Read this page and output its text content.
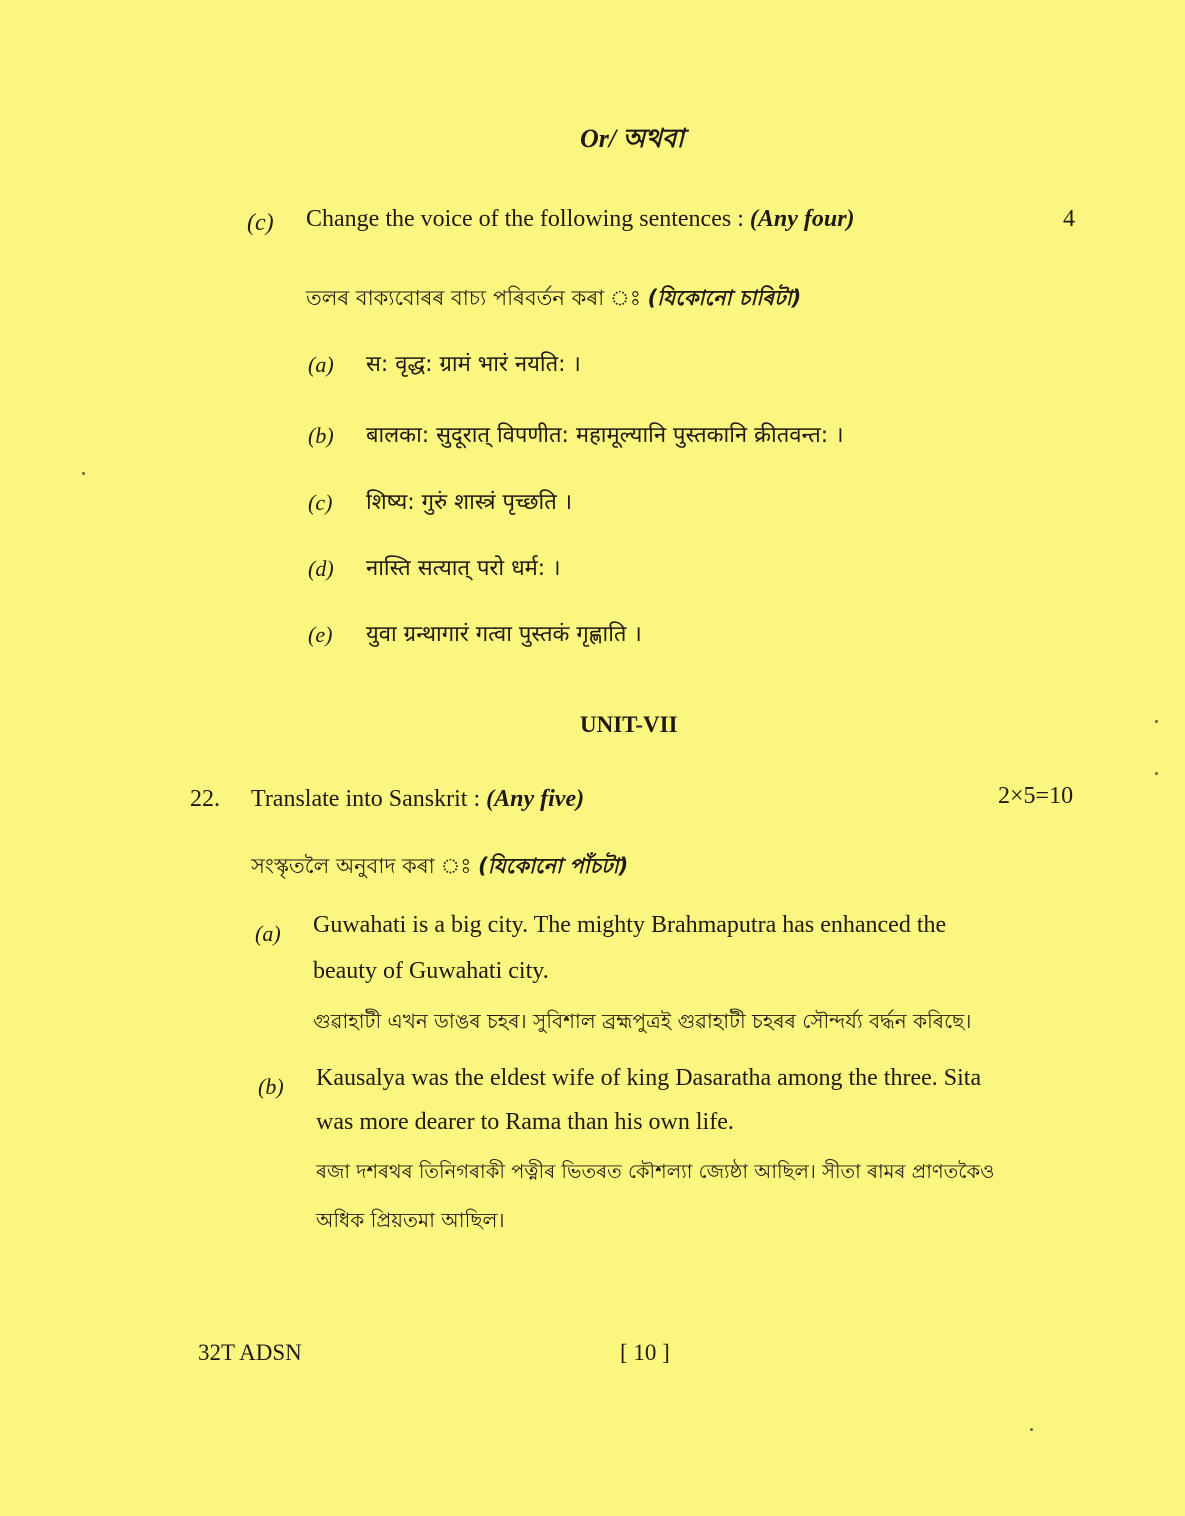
Or/ অথবা
(c) Change the voice of the following sentences : (Any four)	4
তলৰ বাক্যবোৰৰ বাচ্য পৰিবৰ্তন কৰা ঃ (যিকোনো চাৰিটা)
(a) स: वृद्ध: ग्रामं भारं नयति: ।
(b) बालका: सुदूरात् विपणीत: महामूल्यानि पुस्तकानि क्रीतवन्त: ।
(c) शिष्य: गुरुं शास्त्रं पृच्छति ।
(d) नास्ति सत्यात् परो धर्म: ।
(e) युवा ग्रन्थागारं गत्वा पुस्तकं गृह्णाति ।
UNIT-VII
22. Translate into Sanskrit : (Any five)	2×5=10
সংস্কৃতলৈ অনুবাদ কৰা ঃ (যিকোনো পাঁচটা)
(a) Guwahati is a big city. The mighty Brahmaputra has enhanced the
beauty of Guwahati city.
গুৱাহাটী এখন ডাঙৰ চহৰ। সুবিশাল ব্ৰহ্মপুত্ৰই গুৱাহাটী চহৰৰ সৌন্দৰ্য্য বৰ্দ্ধন কৰিছে।
(b) Kausalya was the eldest wife of king Dasaratha among the three. Sita
was more dearer to Rama than his own life.
ৰজা দশৰথৰ তিনিগৰাকী পত্নীৰ ভিতৰত কৌশল্যা জ্যেষ্ঠা আছিল। সীতা ৰামৰ প্ৰাণতকৈও
অধিক প্ৰিয়তমা আছিল।
32T ADSN	[ 10 ]
